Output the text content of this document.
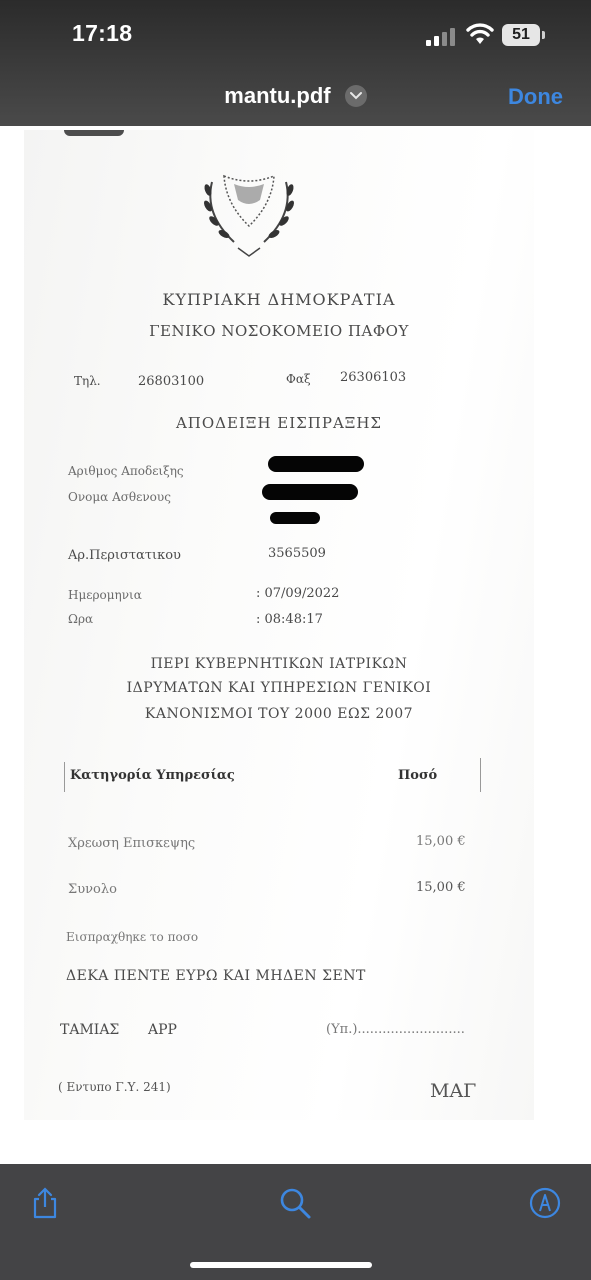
17:18	51
mantu.pdf	Done
ΚΥΠΡΙΑΚΗ ΔΗΜΟΚΡΑΤΙΑ
ΓΕΝΙΚΟ ΝΟΣΟΚΟΜΕΙΟ ΠΑΦΟΥ
Τηλ.	26803100	Φαξ 26306103
ΑΠΟΔΕΙΞΗ ΕΙΣΠΡΑΞΗΣ
Αριθμος Αποδειξης
Ονομα Ασθενους
Αρ.Περιστατικου	3565509
Ημερομηνια	: 07/09/2022
Ωρα	: 08:48:17
ΠΕΡΙ ΚΥΒΕΡΝΗΤΙΚΩΝ ΙΑΤΡΙΚΩΝ
ΙΔΡΥΜΑΤΩΝ ΚΑΙ ΥΠΗΡΕΣΙΩΝ ΓΕΝΙΚΟΙ
ΚΑΝΟΝΙΣΜΟΙ ΤΟΥ 2000 ΕΩΣ 2007
Κατηγορία Υπηρεσίας	Ποσό
Χρεωση Επισκεψης	15,00 €
Συνολο	15,00 €
Εισπραχθηκε το ποσο
ΔΕΚΑ ΠΕΝΤΕ ΕΥΡΩ ΚΑΙ ΜΗΔΕΝ ΣΕΝΤ
ΤΑΜΙΑΣ APP	(Υπ.)..........................
( Εντυπο Γ.Υ. 241)	ΜΑΓ
